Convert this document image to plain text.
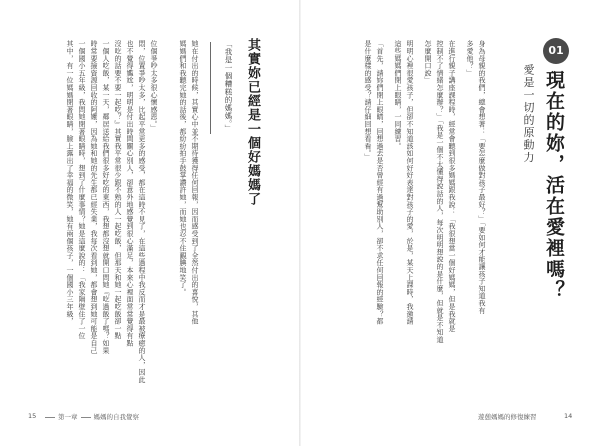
其實妳已經是一個好媽媽了
「我是一個糟糕的媽媽。」
她在付出的時候，其實心中並不期待獲得任何回報，因而感受到了全然付出的喜悅，其他
媽媽們和我聽完她的話後，都紛紛拍手鼓掌讚許她，而她也忍不住靦腆地笑了。
位個爭吵太多很心懷感恩。」
悶，位置爭吵太多，比起平常更多的感受，都在這時不見了，在這些過程中我反而才是最被療癒的人，因此
也不覺得尷尬，明明是付出時間關心別人，卻意外地感覺到很心滿足，本來心裡面常常覺得有點
沒吃的話要不要一起吃？』其實我平常很少跟不熟的人一起吃飯，但那天和她一起吃飯卻一點
一個人吃飯，某一天，鄰居送給我們很多好吃的東西，我想都沒想就開口問她『吃過飯了嗎？如果
時常要撿資源回收的阿嬤，因為她和她的先生都已經失業，我每次看到她，都會想到她可能是自己
一個國小五年級，我問她閉著眼睛時，想到了什麼事情？她是這麼說的：「我家隔壁住了一位
其中，有一位媽媽閉著眼睛，臉上露出了幸福的微笑，她有兩個孩子，一個國小三年級，
15	第一章 媽媽的自我覺察
01
現在的妳，活在愛裡嗎？
愛是一切的原動力
身為母親的我們，總會想著：「要怎麼做對孩子最好？」「要如何才能讓孩子知道我有
多愛他？」
在進行親子講座課程時，經常會聽到很多媽媽跟我說：「我很想當一個好媽媽，但是我就是
控制不了情緒怎麼辦？」「我是一個不太懂得說話的人，每次明明想說的是什麼，但就是不知道
怎麼開口說」
明明心裡很愛孩子，但卻不知道該如何好好表達對孩子的愛，於是，某天上課時，我邀請
這些媽媽們閉上眼睛，一同練習。
「首先，請妳們閉上眼睛，回想過去是否曾經有過幫助別人，卻不求任何回報的經驗？都
是什麼樣的感受？請仔細回想看看。」
遊憩媽媽的修復練習	14
